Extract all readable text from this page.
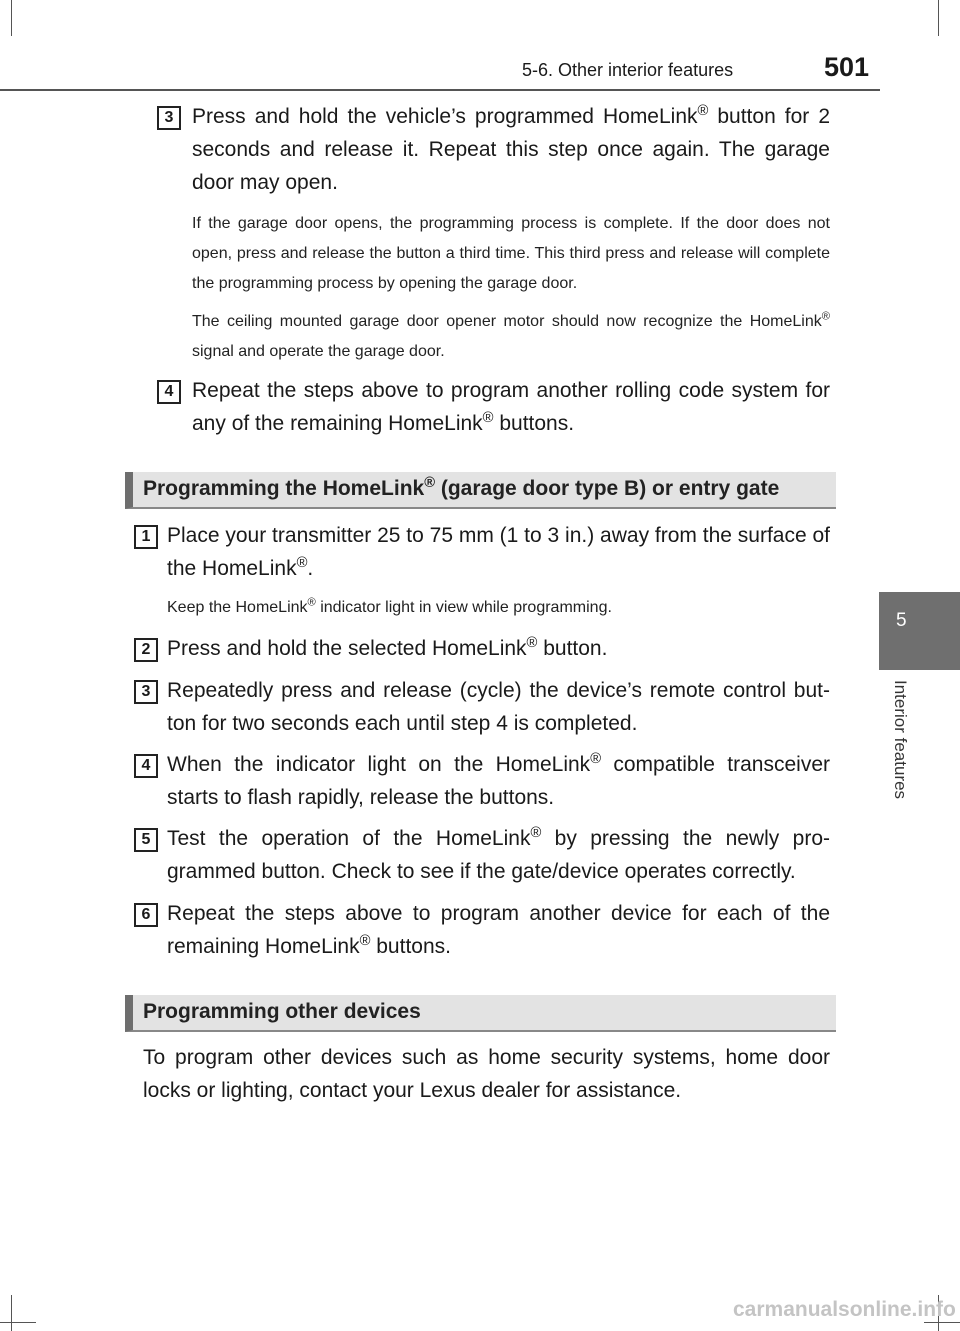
5-6. Other interior features	501
5
Interior features
3 Press and hold the vehicle’s programmed HomeLink® button for 2 seconds and release it. Repeat this step once again. The garage door may open.
If the garage door opens, the programming process is complete. If the door does not open, press and release the button a third time. This third press and release will complete the programming process by opening the garage door.
The ceiling mounted garage door opener motor should now recognize the HomeLink® signal and operate the garage door.
4 Repeat the steps above to program another rolling code system for any of the remaining HomeLink® buttons.
Programming the HomeLink® (garage door type B) or entry gate
1 Place your transmitter 25 to 75 mm (1 to 3 in.) away from the surface of the HomeLink®.
Keep the HomeLink® indicator light in view while programming.
2 Press and hold the selected HomeLink® button.
3 Repeatedly press and release (cycle) the device’s remote control but-ton for two seconds each until step 4 is completed.
4 When the indicator light on the HomeLink® compatible transceiver starts to flash rapidly, release the buttons.
5 Test the operation of the HomeLink® by pressing the newly pro-grammed button. Check to see if the gate/device operates correctly.
6 Repeat the steps above to program another device for each of the remaining HomeLink® buttons.
Programming other devices
To program other devices such as home security systems, home door locks or lighting, contact your Lexus dealer for assistance.
carmanualsonline.info
